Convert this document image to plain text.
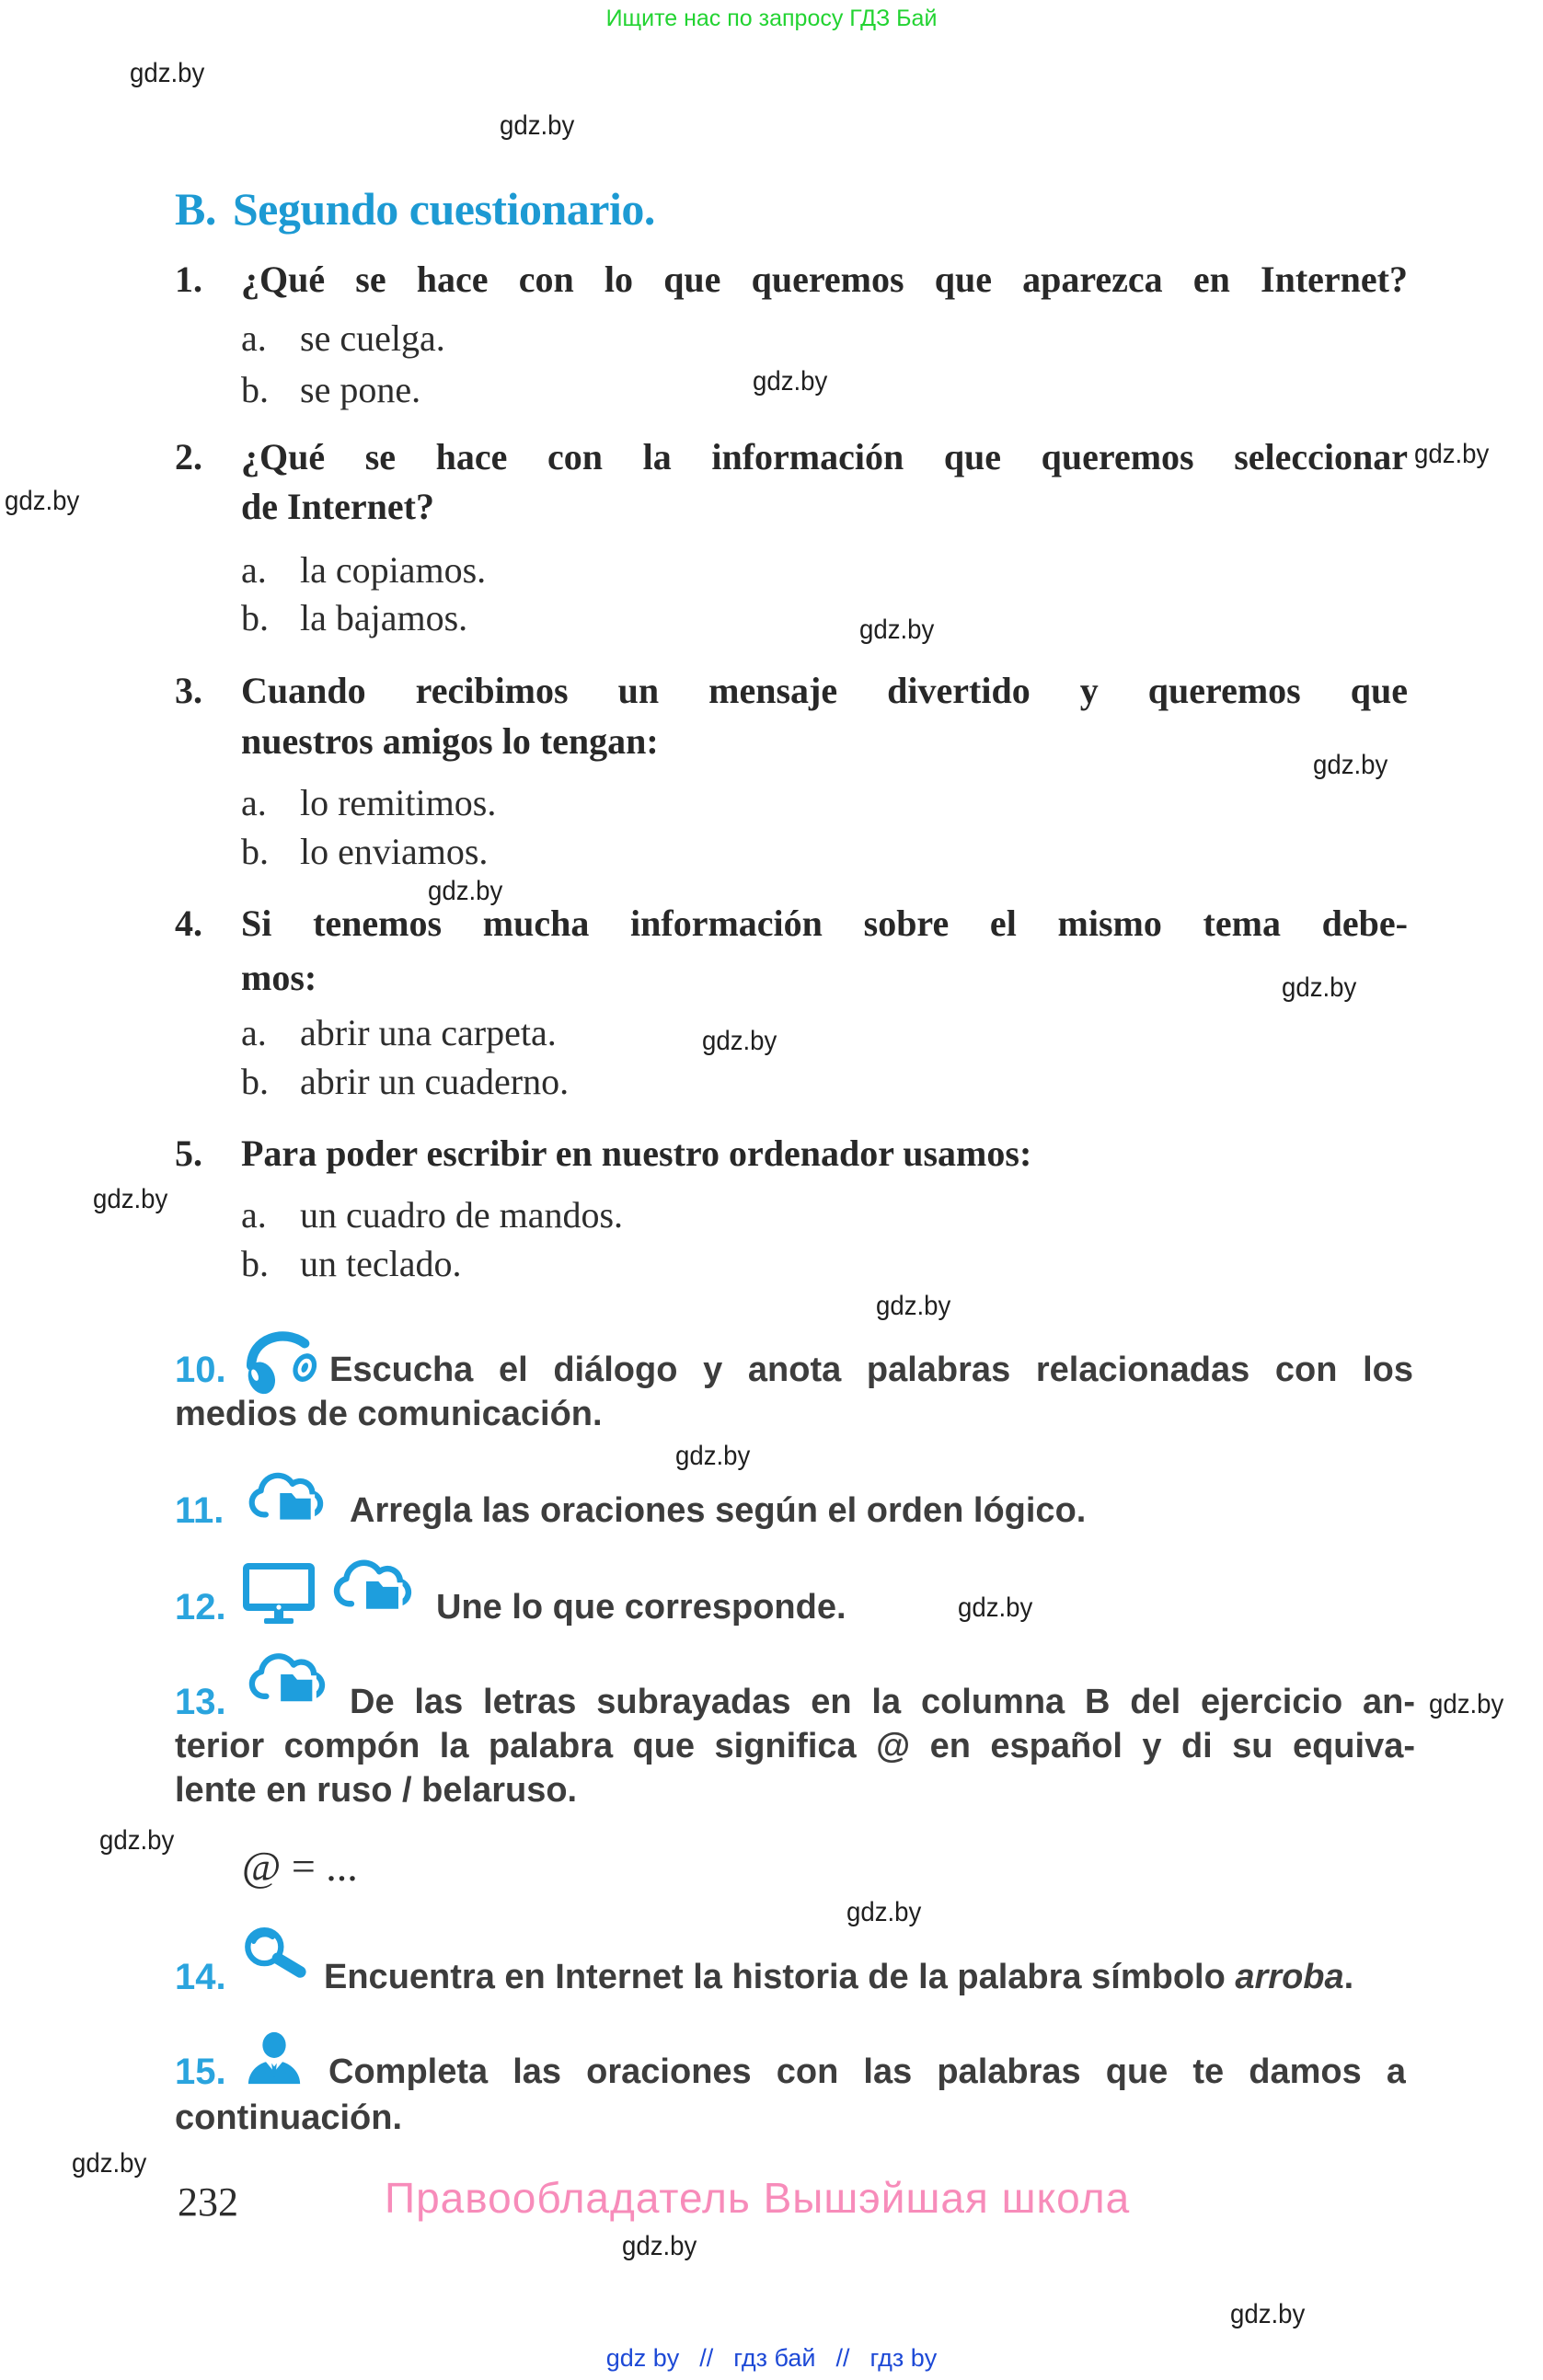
Ищите нас по запросу ГДЗ Бай
gdz.by
gdz.by
gdz.by
gdz.by
gdz.by
gdz.by
gdz.by
gdz.by
gdz.by
gdz.by
gdz.by
gdz.by
gdz.by
gdz.by
gdz.by
gdz.by
gdz.by
gdz.by
gdz.by
gdz.by
B. Segundo cuestionario.
1. ¿Qué se hace con lo que queremos que aparezca en Internet?
a. se cuelga.
b. se pone.
2. ¿Qué se hace con la información que queremos seleccionar
de Internet?
a. la copiamos.
b. la bajamos.
3. Cuando recibimos un mensaje divertido y queremos que
nuestros amigos lo tengan:
a. lo remitimos.
b. lo enviamos.
4. Si tenemos mucha información sobre el mismo tema debe-
mos:
a. abrir una carpeta.
b. abrir un cuaderno.
5. Para poder escribir en nuestro ordenador usamos:
a. un cuadro de mandos.
b. un teclado.
10.	Escucha el diálogo y anota palabras relacionadas con los
medios de comunicación.
11.	Arregla las oraciones según el orden lógico.
12.	Une lo que corresponde.
13.	De las letras subrayadas en la columna B del ejercicio an-
terior compón la palabra que significa @ en español y di su equiva-
lente en ruso / belaruso.
@ = ...
14.	Encuentra en Internet la historia de la palabra símbolo arroba.
15.	Completa las oraciones con las palabras que te damos a
continuación.
232	Правообладатель Вышэйшая школа
gdz by // гдз бай // гдз by
